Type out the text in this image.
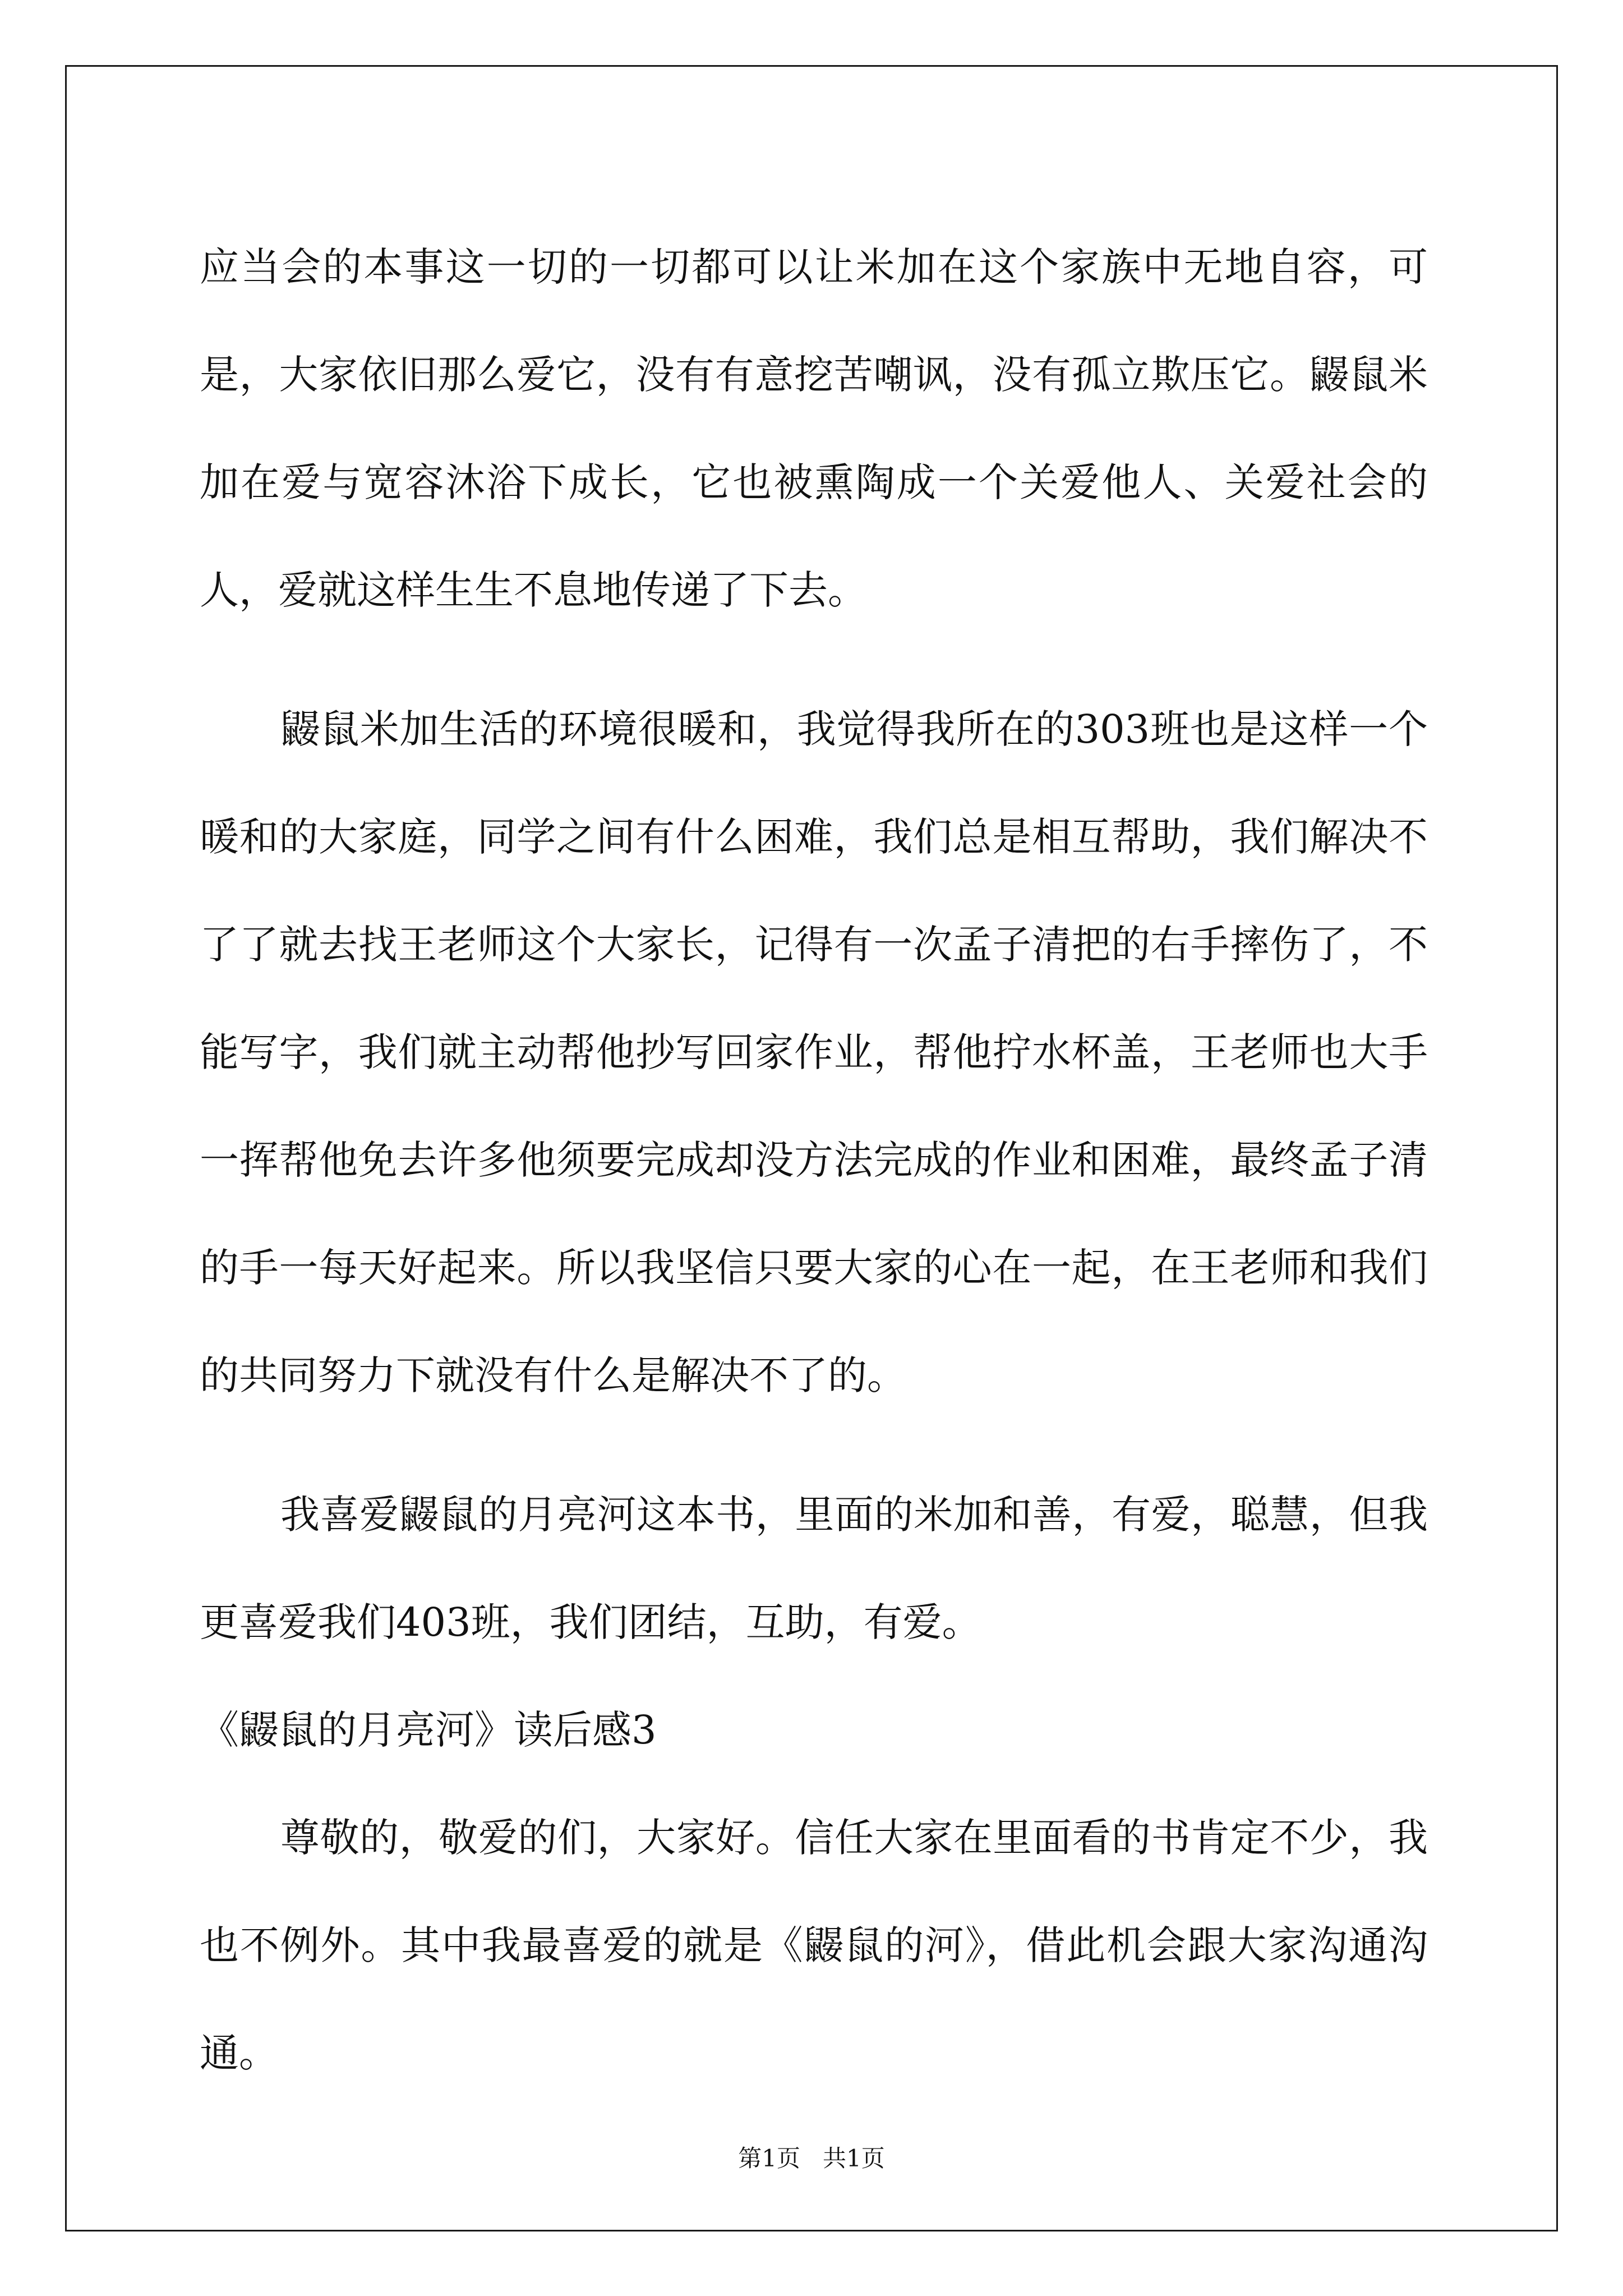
应当会的本事这一切的一切都可以让米加在这个家族中无地自容，可是，大家依旧那么爱它，没有有意挖苦嘲讽，没有孤立欺压它。鼹鼠米加在爱与宽容沐浴下成长，它也被熏陶成一个关爱他人、关爱社会的人，爱就这样生生不息地传递了下去。

鼹鼠米加生活的环境很暖和，我觉得我所在的303班也是这样一个暖和的大家庭，同学之间有什么困难，我们总是相互帮助，我们解决不了了就去找王老师这个大家长，记得有一次孟子清把的右手摔伤了，不能写字，我们就主动帮他抄写回家作业，帮他拧水杯盖，王老师也大手一挥帮他免去许多他须要完成却没方法完成的作业和困难，最终孟子清的手一每天好起来。所以我坚信只要大家的心在一起，在王老师和我们的共同努力下就没有什么是解决不了的。

我喜爱鼹鼠的月亮河这本书，里面的米加和善，有爱，聪慧，但我更喜爱我们403班，我们团结，互助，有爱。

《鼹鼠的月亮河》读后感3

尊敬的，敬爱的们，大家好。信任大家在里面看的书肯定不少，我也不例外。其中我最喜爱的就是《鼹鼠的河》，借此机会跟大家沟通沟通。

第1页 共1页
